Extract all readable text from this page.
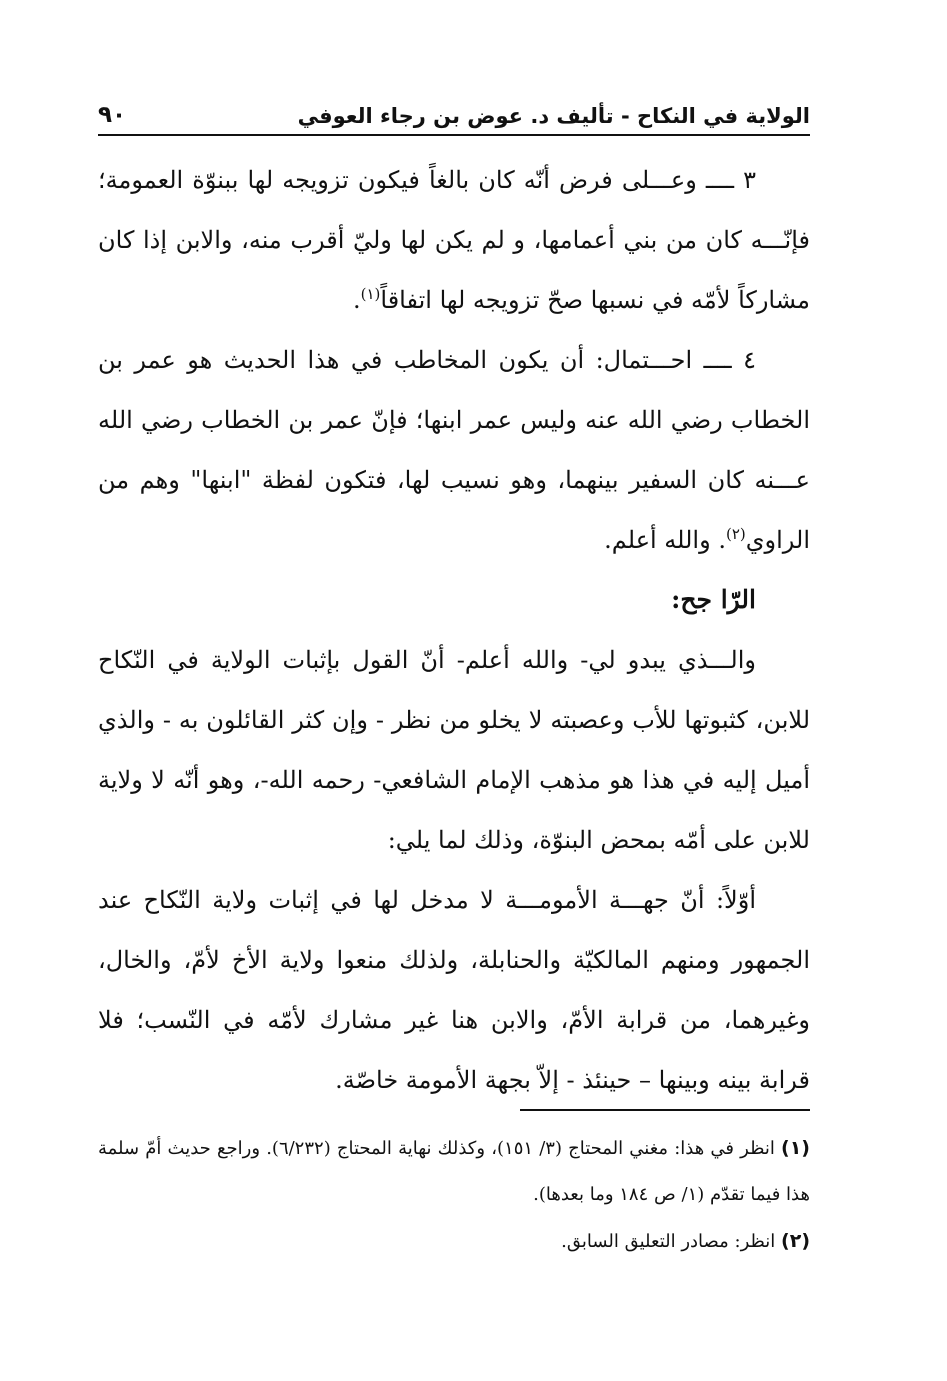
الولاية في النكاح - تأليف د. عوض بن رجاء العوفي
٩٠

٣ ــــ وعـــلى فرض أنّه كان بالغاً فيكون تزويجه لها ببنوّة العمومة؛ فإنّـــه كان من بني أعمامها، و لم يكن لها وليّ أقرب منه، والابن إذا كان مشاركاً لأمّه في نسبها صحّ تزويجه لها اتفاقاً$^{(١)}$.

٤ ــــ احـــتمال: أن يكون المخاطب في هذا الحديث هو عمر بن الخطاب رضي الله عنه وليس عمر ابنها؛ فإنّ عمر بن الخطاب رضي الله عـــنه كان السفير بينهما، وهو نسيب لها، فتكون لفظة "ابنها" وهم من الراوي$^{(٢)}$. والله أعلم.

الرّا جح:

والـــذي يبدو لي- والله أعلم- أنّ القول بإثبات الولاية في النّكاح للابن، كثبوتها للأب وعصبته لا يخلو من نظر - وإن كثر القائلون به - والذي أميل إليه في هذا هو مذهب الإمام الشافعي- رحمه الله-، وهو أنّه لا ولاية للابن على أمّه بمحض البنوّة، وذلك لما يلي:

أوّلاً: أنّ جهـــة الأمومـــة لا مدخل لها في إثبات ولاية النّكاح عند الجمهور ومنهم المالكيّة والحنابلة، ولذلك منعوا ولاية الأخ لأمّ، والخال، وغيرهما، من قرابة الأمّ، والابن هنا غير مشارك لأمّه في النّسب؛ فلا قرابة بينه وبينها – حينئذ - إلاّ بجهة الأمومة خاصّة.

(١) انظر في هذا: مغني المحتاج (٣/ ١٥١)، وكذلك نهاية المحتاج (٦/٢٣٢). وراجع حديث أمّ سلمة هذا فيما تقدّم (١/ ص ١٨٤ وما بعدها).

(٢) انظر: مصادر التعليق السابق.
